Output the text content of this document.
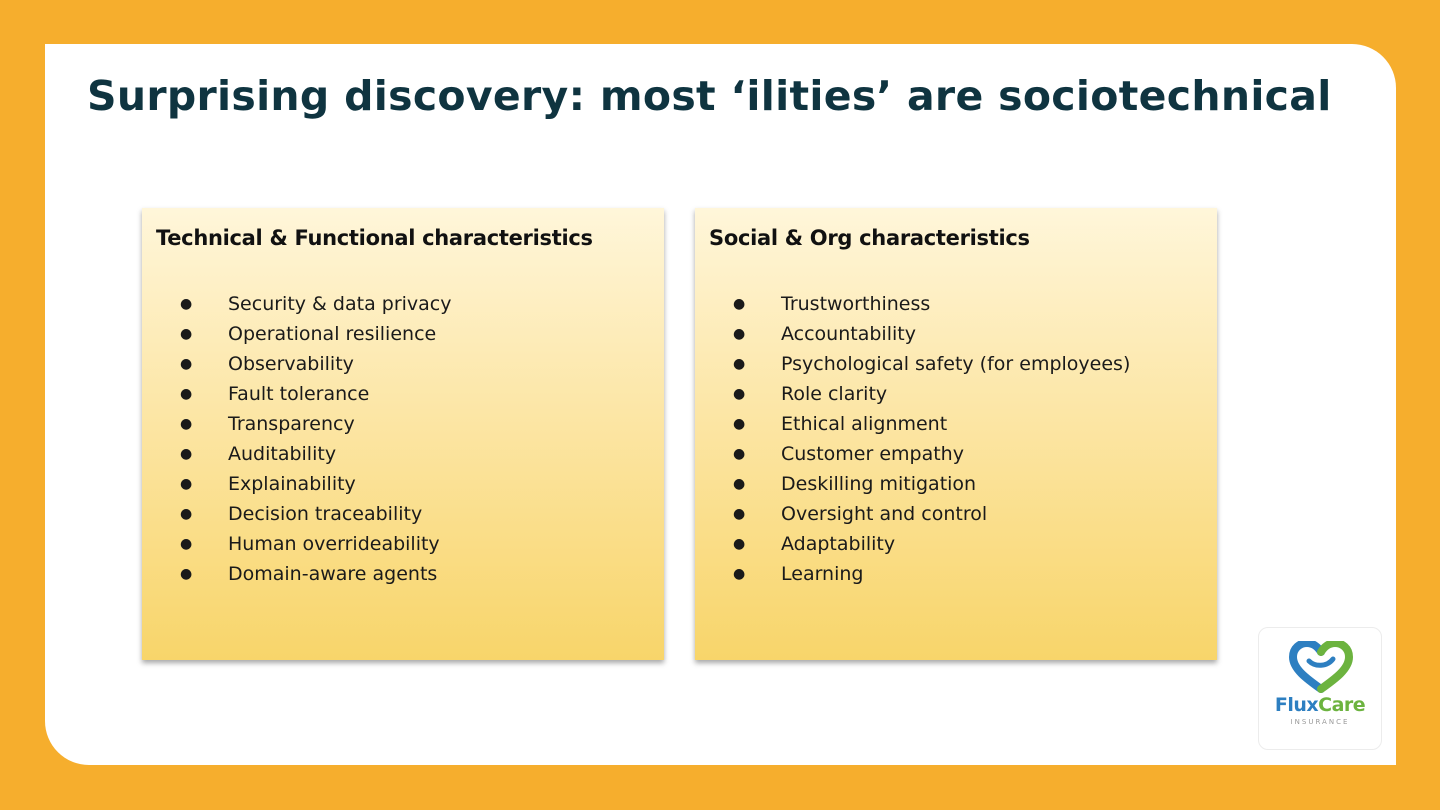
Surprising discovery: most ‘ilities’ are sociotechnical
Technical & Functional characteristics
● Security & data privacy
● Operational resilience
● Observability
● Fault tolerance
● Transparency
● Auditability
● Explainability
● Decision traceability
● Human overrideability
● Domain-aware agents
Social & Org characteristics
● Trustworthiness
● Accountability
● Psychological safety (for employees)
● Role clarity
● Ethical alignment
● Customer empathy
● Deskilling mitigation
● Oversight and control
● Adaptability
● Learning
FluxCare
INSURANCE
